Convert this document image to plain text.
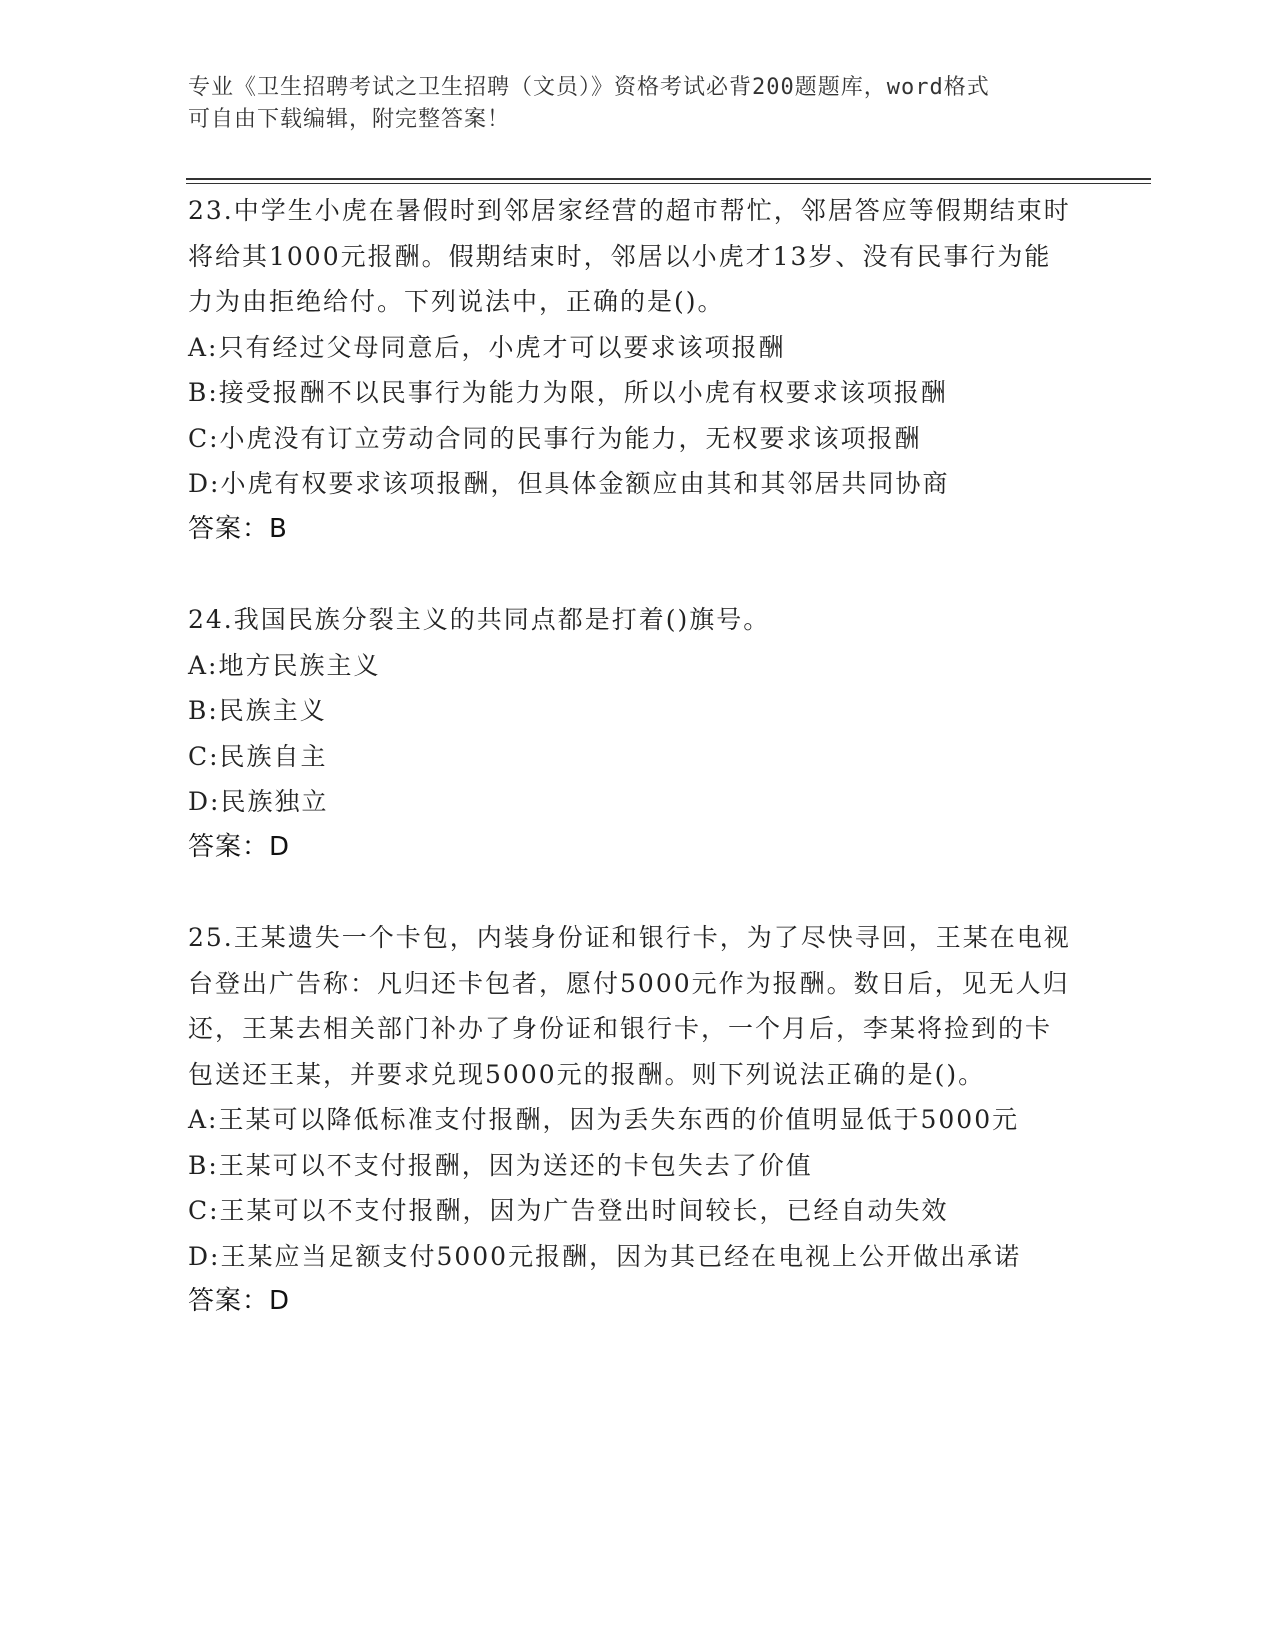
专业《卫生招聘考试之卫生招聘（文员）》资格考试必背200题题库，word格式
可自由下载编辑，附完整答案！
23.中学生小虎在暑假时到邻居家经营的超市帮忙，邻居答应等假期结束时将给其1000元报酬。假期结束时，邻居以小虎才13岁、没有民事行为能力为由拒绝给付。下列说法中，正确的是()。
A:只有经过父母同意后，小虎才可以要求该项报酬
B:接受报酬不以民事行为能力为限，所以小虎有权要求该项报酬
C:小虎没有订立劳动合同的民事行为能力，无权要求该项报酬
D:小虎有权要求该项报酬，但具体金额应由其和其邻居共同协商
答案：B
24.我国民族分裂主义的共同点都是打着()旗号。
A:地方民族主义
B:民族主义
C:民族自主
D:民族独立
答案：D
25.王某遗失一个卡包，内装身份证和银行卡，为了尽快寻回，王某在电视台登出广告称：凡归还卡包者，愿付5000元作为报酬。数日后，见无人归还，王某去相关部门补办了身份证和银行卡，一个月后，李某将捡到的卡包送还王某，并要求兑现5000元的报酬。则下列说法正确的是()。
A:王某可以降低标准支付报酬，因为丢失东西的价值明显低于5000元
B:王某可以不支付报酬，因为送还的卡包失去了价值
C:王某可以不支付报酬，因为广告登出时间较长，已经自动失效
D:王某应当足额支付5000元报酬，因为其已经在电视上公开做出承诺
答案：D
